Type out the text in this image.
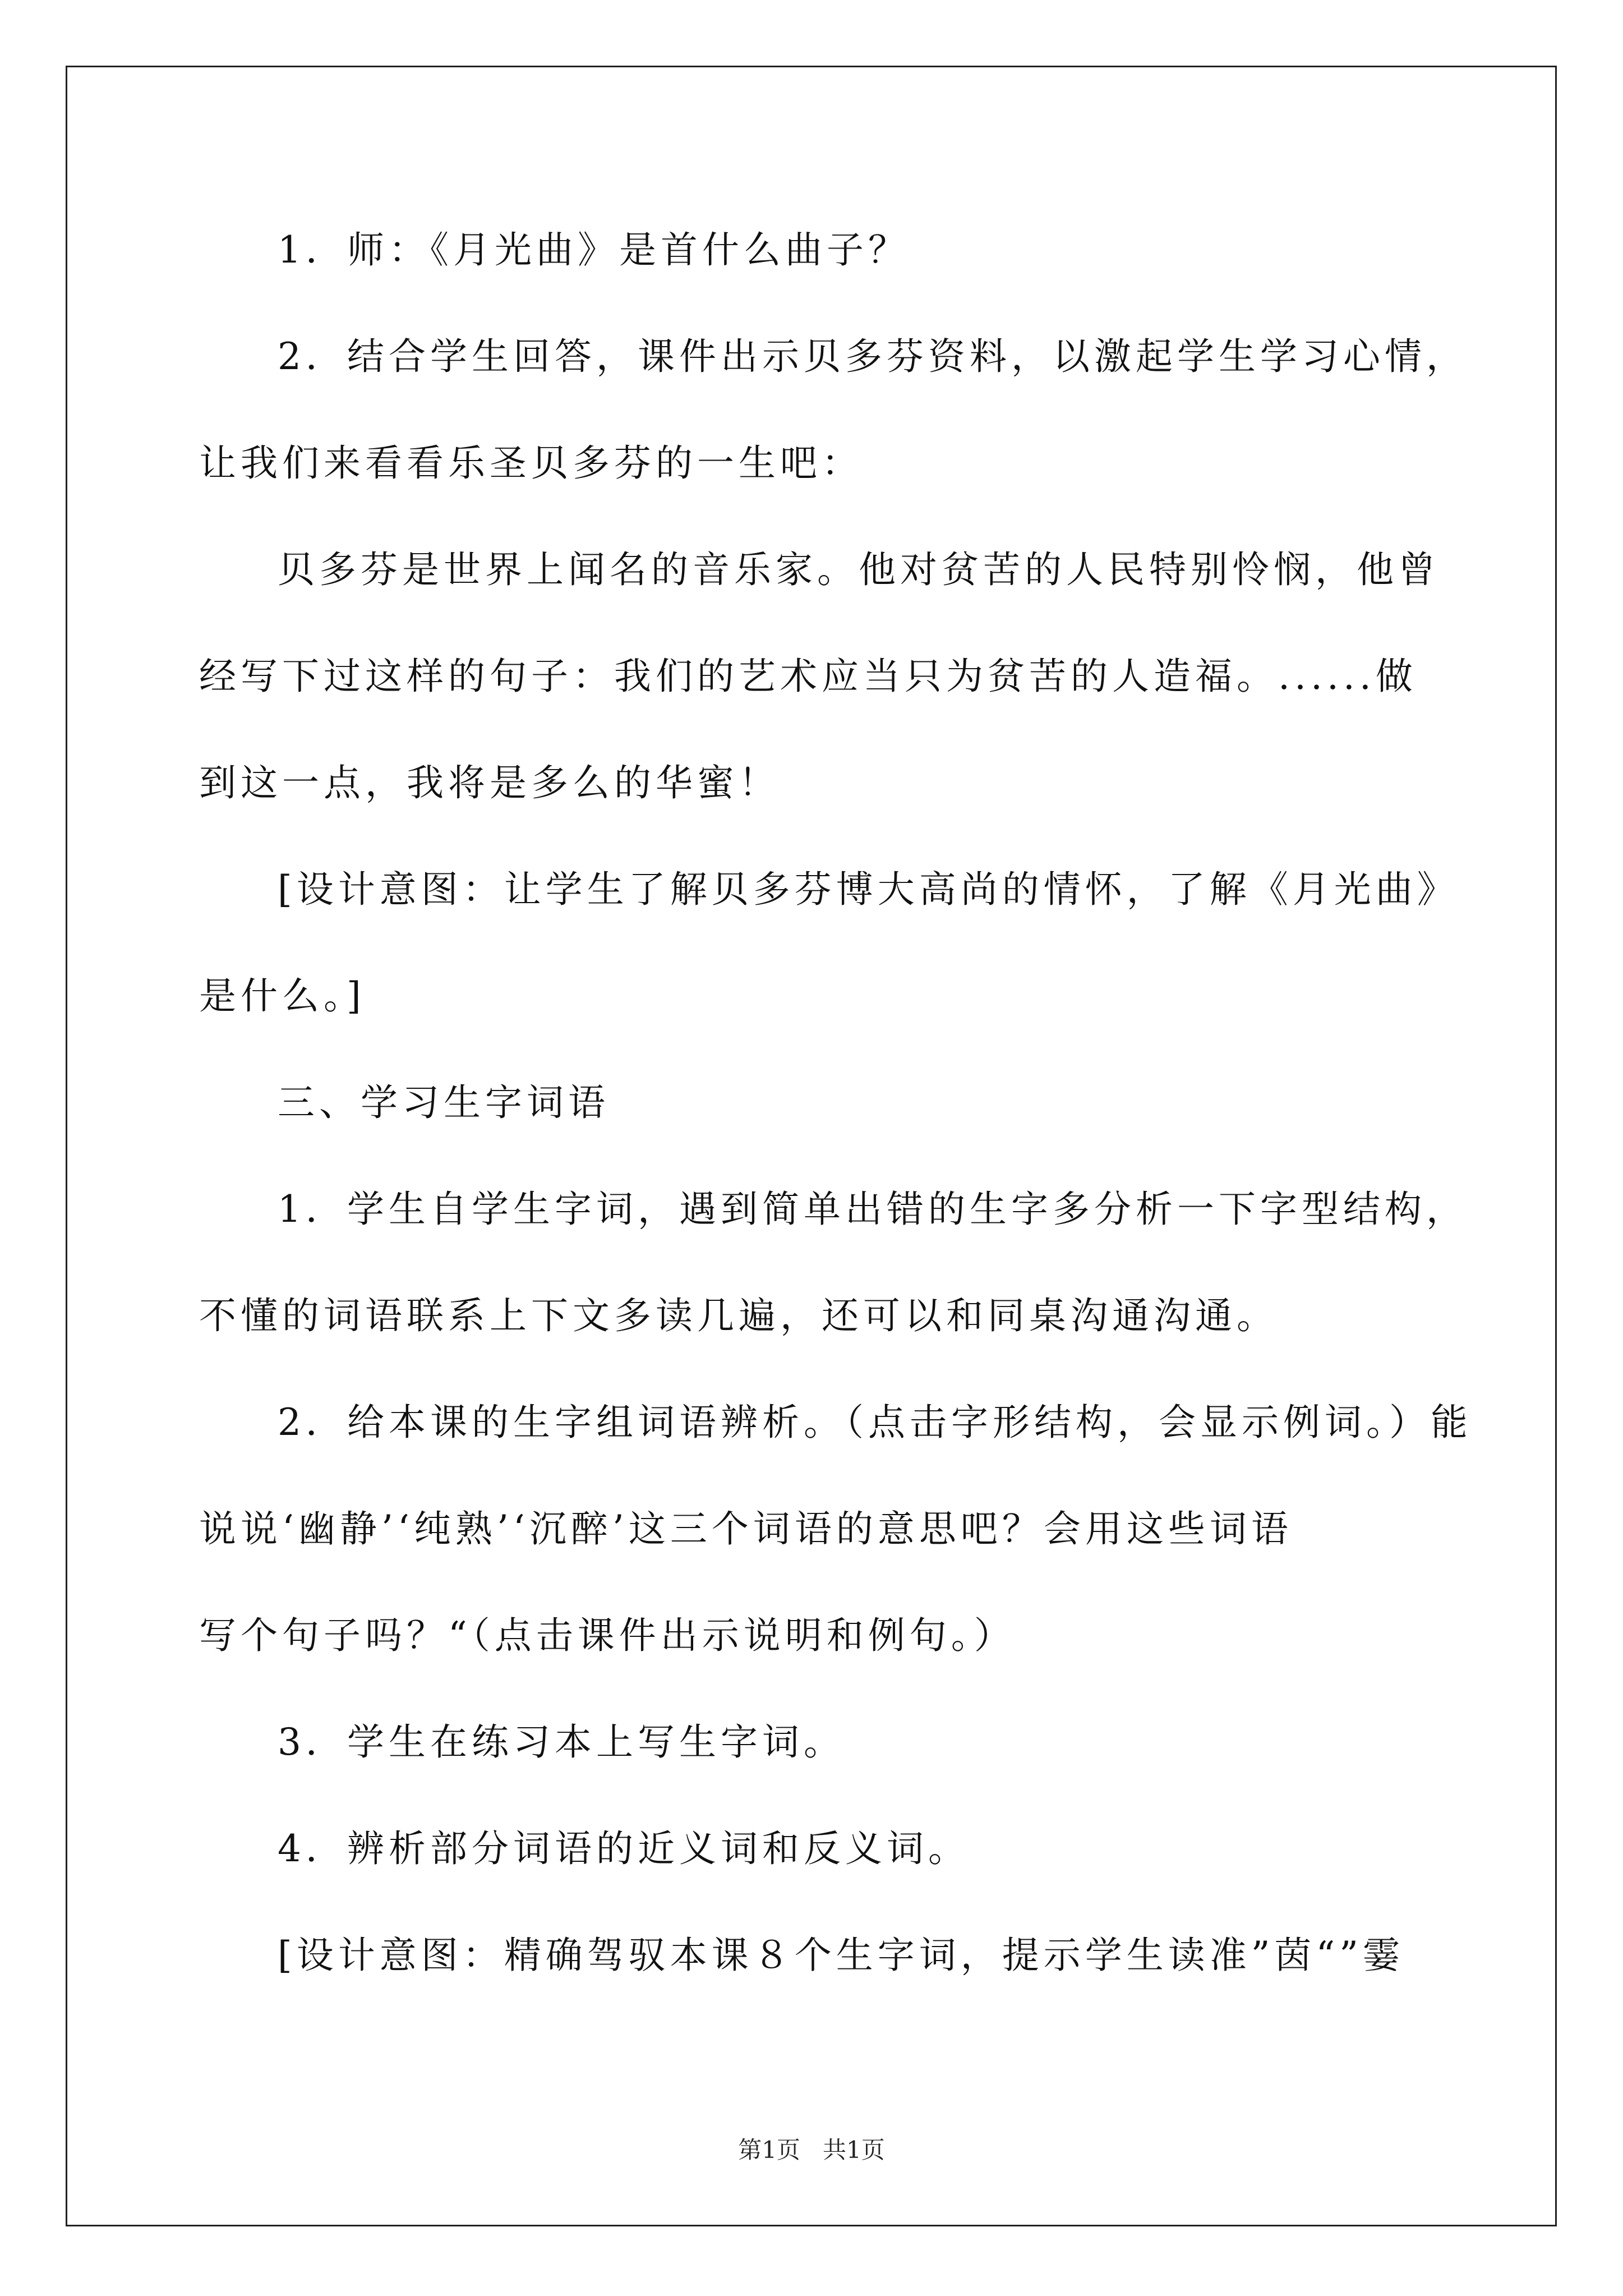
1．师：《月光曲》是首什么曲子？
2．结合学生回答，课件出示贝多芬资料，以激起学生学习心情，
让我们来看看乐圣贝多芬的一生吧：
贝多芬是世界上闻名的音乐家。他对贫苦的人民特别怜悯，他曾
经写下过这样的句子：我们的艺术应当只为贫苦的人造福。......做
到这一点，我将是多么的华蜜！
[设计意图：让学生了解贝多芬博大高尚的情怀，了解《月光曲》
是什么。]
三、学习生字词语
1．学生自学生字词，遇到简单出错的生字多分析一下字型结构，
不懂的词语联系上下文多读几遍，还可以和同桌沟通沟通。
2．给本课的生字组词语辨析。（点击字形结构，会显示例词。）能
说说‘幽静’‘纯熟’‘沉醉’这三个词语的意思吧？会用这些词语
写个句子吗？“（点击课件出示说明和例句。）
3．学生在练习本上写生字词。
4．辨析部分词语的近义词和反义词。
[设计意图：精确驾驭本课８个生字词，提示学生读准”茵“”霎
第1页   共1页
